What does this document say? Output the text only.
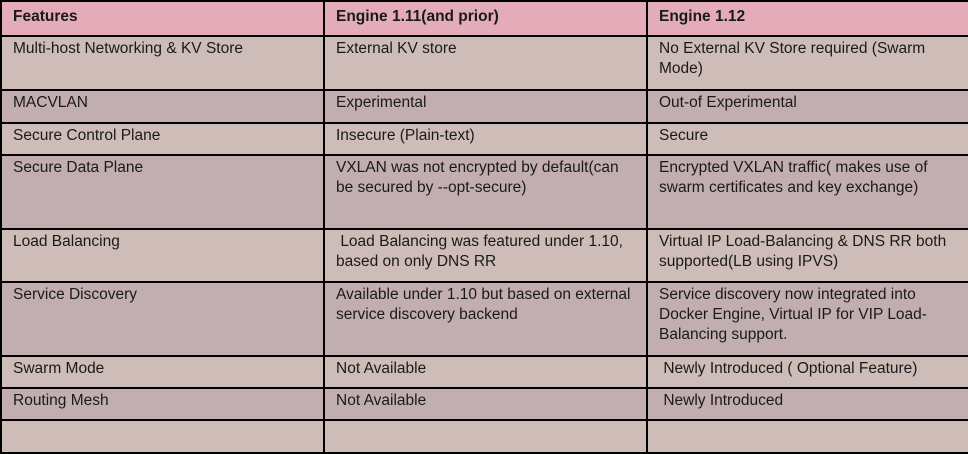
Features	Engine 1.11(and prior)	Engine 1.12
Multi-host Networking & KV Store	External KV store	No External KV Store required (Swarm Mode)
MACVLAN	Experimental	Out-of Experimental
Secure Control Plane	Insecure (Plain-text)	Secure
Secure Data Plane	VXLAN was not encrypted by default(can be secured by --opt-secure)	Encrypted VXLAN traffic( makes use of swarm certificates and key exchange)
Load Balancing	Load Balancing was featured under 1.10, based on only DNS RR	Virtual IP Load-Balancing & DNS RR both supported(LB using IPVS)
Service Discovery	Available under 1.10 but based on external service discovery backend	Service discovery now integrated into Docker Engine, Virtual IP for VIP Load-Balancing support.
Swarm Mode	Not Available	Newly Introduced ( Optional Feature)
Routing Mesh	Not Available	Newly Introduced
